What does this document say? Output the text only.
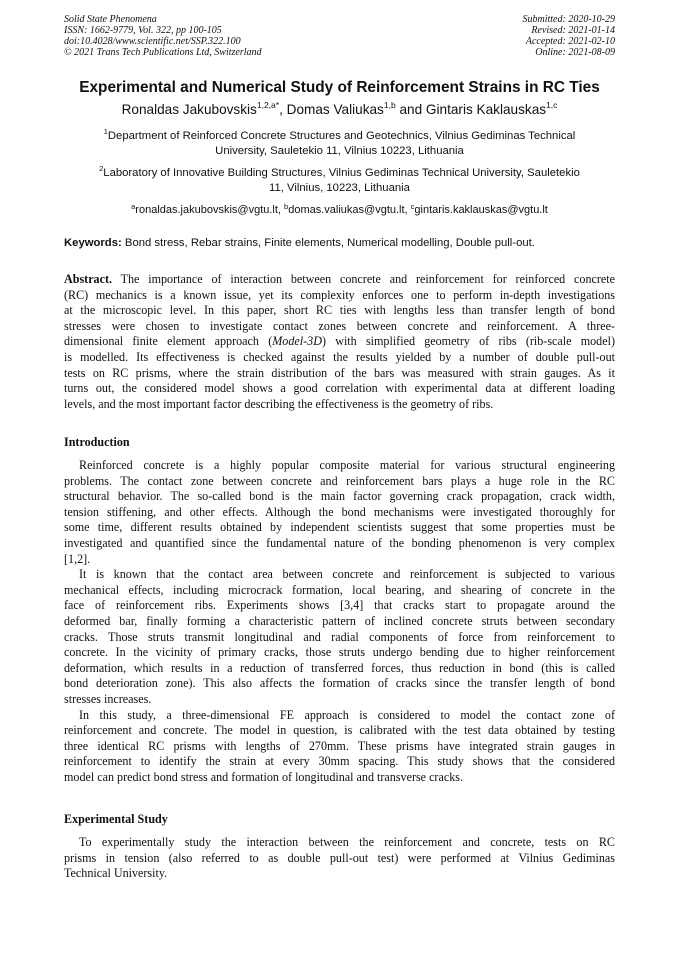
Solid State Phenomena
ISSN: 1662-9779, Vol. 322, pp 100-105
doi:10.4028/www.scientific.net/SSP.322.100
© 2021 Trans Tech Publications Ltd, Switzerland
Submitted: 2020-10-29
Revised: 2021-01-14
Accepted: 2021-02-10
Online: 2021-08-09
Experimental and Numerical Study of Reinforcement Strains in RC Ties
Ronaldas Jakubovskis$^{1,2,a*}$, Domas Valiukas$^{1,b}$ and Gintaris Kaklauskas$^{1,c}$
$^1$Department of Reinforced Concrete Structures and Geotechnics, Vilnius Gediminas Technical
University, Sauletekio 11, Vilnius 10223, Lithuania
$^2$Laboratory of Innovative Building Structures, Vilnius Gediminas Technical University, Sauletekio
11, Vilnius, 10223, Lithuania
$^a$ronaldas.jakubovskis@vgtu.lt, $^b$domas.valiukas@vgtu.lt, $^c$gintaris.kaklauskas@vgtu.lt
Keywords: Bond stress, Rebar strains, Finite elements, Numerical modelling, Double pull-out.
Abstract. The importance of interaction between concrete and reinforcement for reinforced concrete
(RC) mechanics is a known issue, yet its complexity enforces one to perform in-depth investigations
at the microscopic level. In this paper, short RC ties with lengths less than transfer length of bond
stresses were chosen to investigate contact zones between concrete and reinforcement. A three-
dimensional finite element approach (Model-3D) with simplified geometry of ribs (rib-scale model)
is modelled. Its effectiveness is checked against the results yielded by a number of double pull-out
tests on RC prisms, where the strain distribution of the bars was measured with strain gauges. As it
turns out, the considered model shows a good correlation with experimental data at different loading
levels, and the most important factor describing the effectiveness is the geometry of ribs.
Introduction
Reinforced concrete is a highly popular composite material for various structural engineering
problems. The contact zone between concrete and reinforcement bars plays a huge role in the RC
structural behavior. The so-called bond is the main factor governing crack propagation, crack width,
tension stiffening, and other effects. Although the bond mechanisms were investigated thoroughly for
some time, different results obtained by independent scientists suggest that some properties must be
investigated and quantified since the fundamental nature of the bonding phenomenon is very complex
[1,2].
It is known that the contact area between concrete and reinforcement is subjected to various
mechanical effects, including microcrack formation, local bearing, and shearing of concrete in the
face of reinforcement ribs. Experiments shows [3,4] that cracks start to propagate around the
deformed bar, finally forming a characteristic pattern of inclined concrete struts between secondary
cracks. Those struts transmit longitudinal and radial components of force from reinforcement to
concrete. In the vicinity of primary cracks, those struts undergo bending due to higher reinforcement
deformation, which results in a reduction of transferred forces, thus reduction in bond (this is called
bond deterioration zone). This also affects the formation of cracks since the transfer length of bond
stresses increases.
In this study, a three-dimensional FE approach is considered to model the contact zone of
reinforcement and concrete. The model in question, is calibrated with the test data obtained by testing
three identical RC prisms with lengths of 270mm. These prisms have integrated strain gauges in
reinforcement to identify the strain at every 30mm spacing. This study shows that the considered
model can predict bond stress and formation of longitudinal and transverse cracks.
Experimental Study
To experimentally study the interaction between the reinforcement and concrete, tests on RC
prisms in tension (also referred to as double pull-out test) were performed at Vilnius Gediminas
Technical University.
